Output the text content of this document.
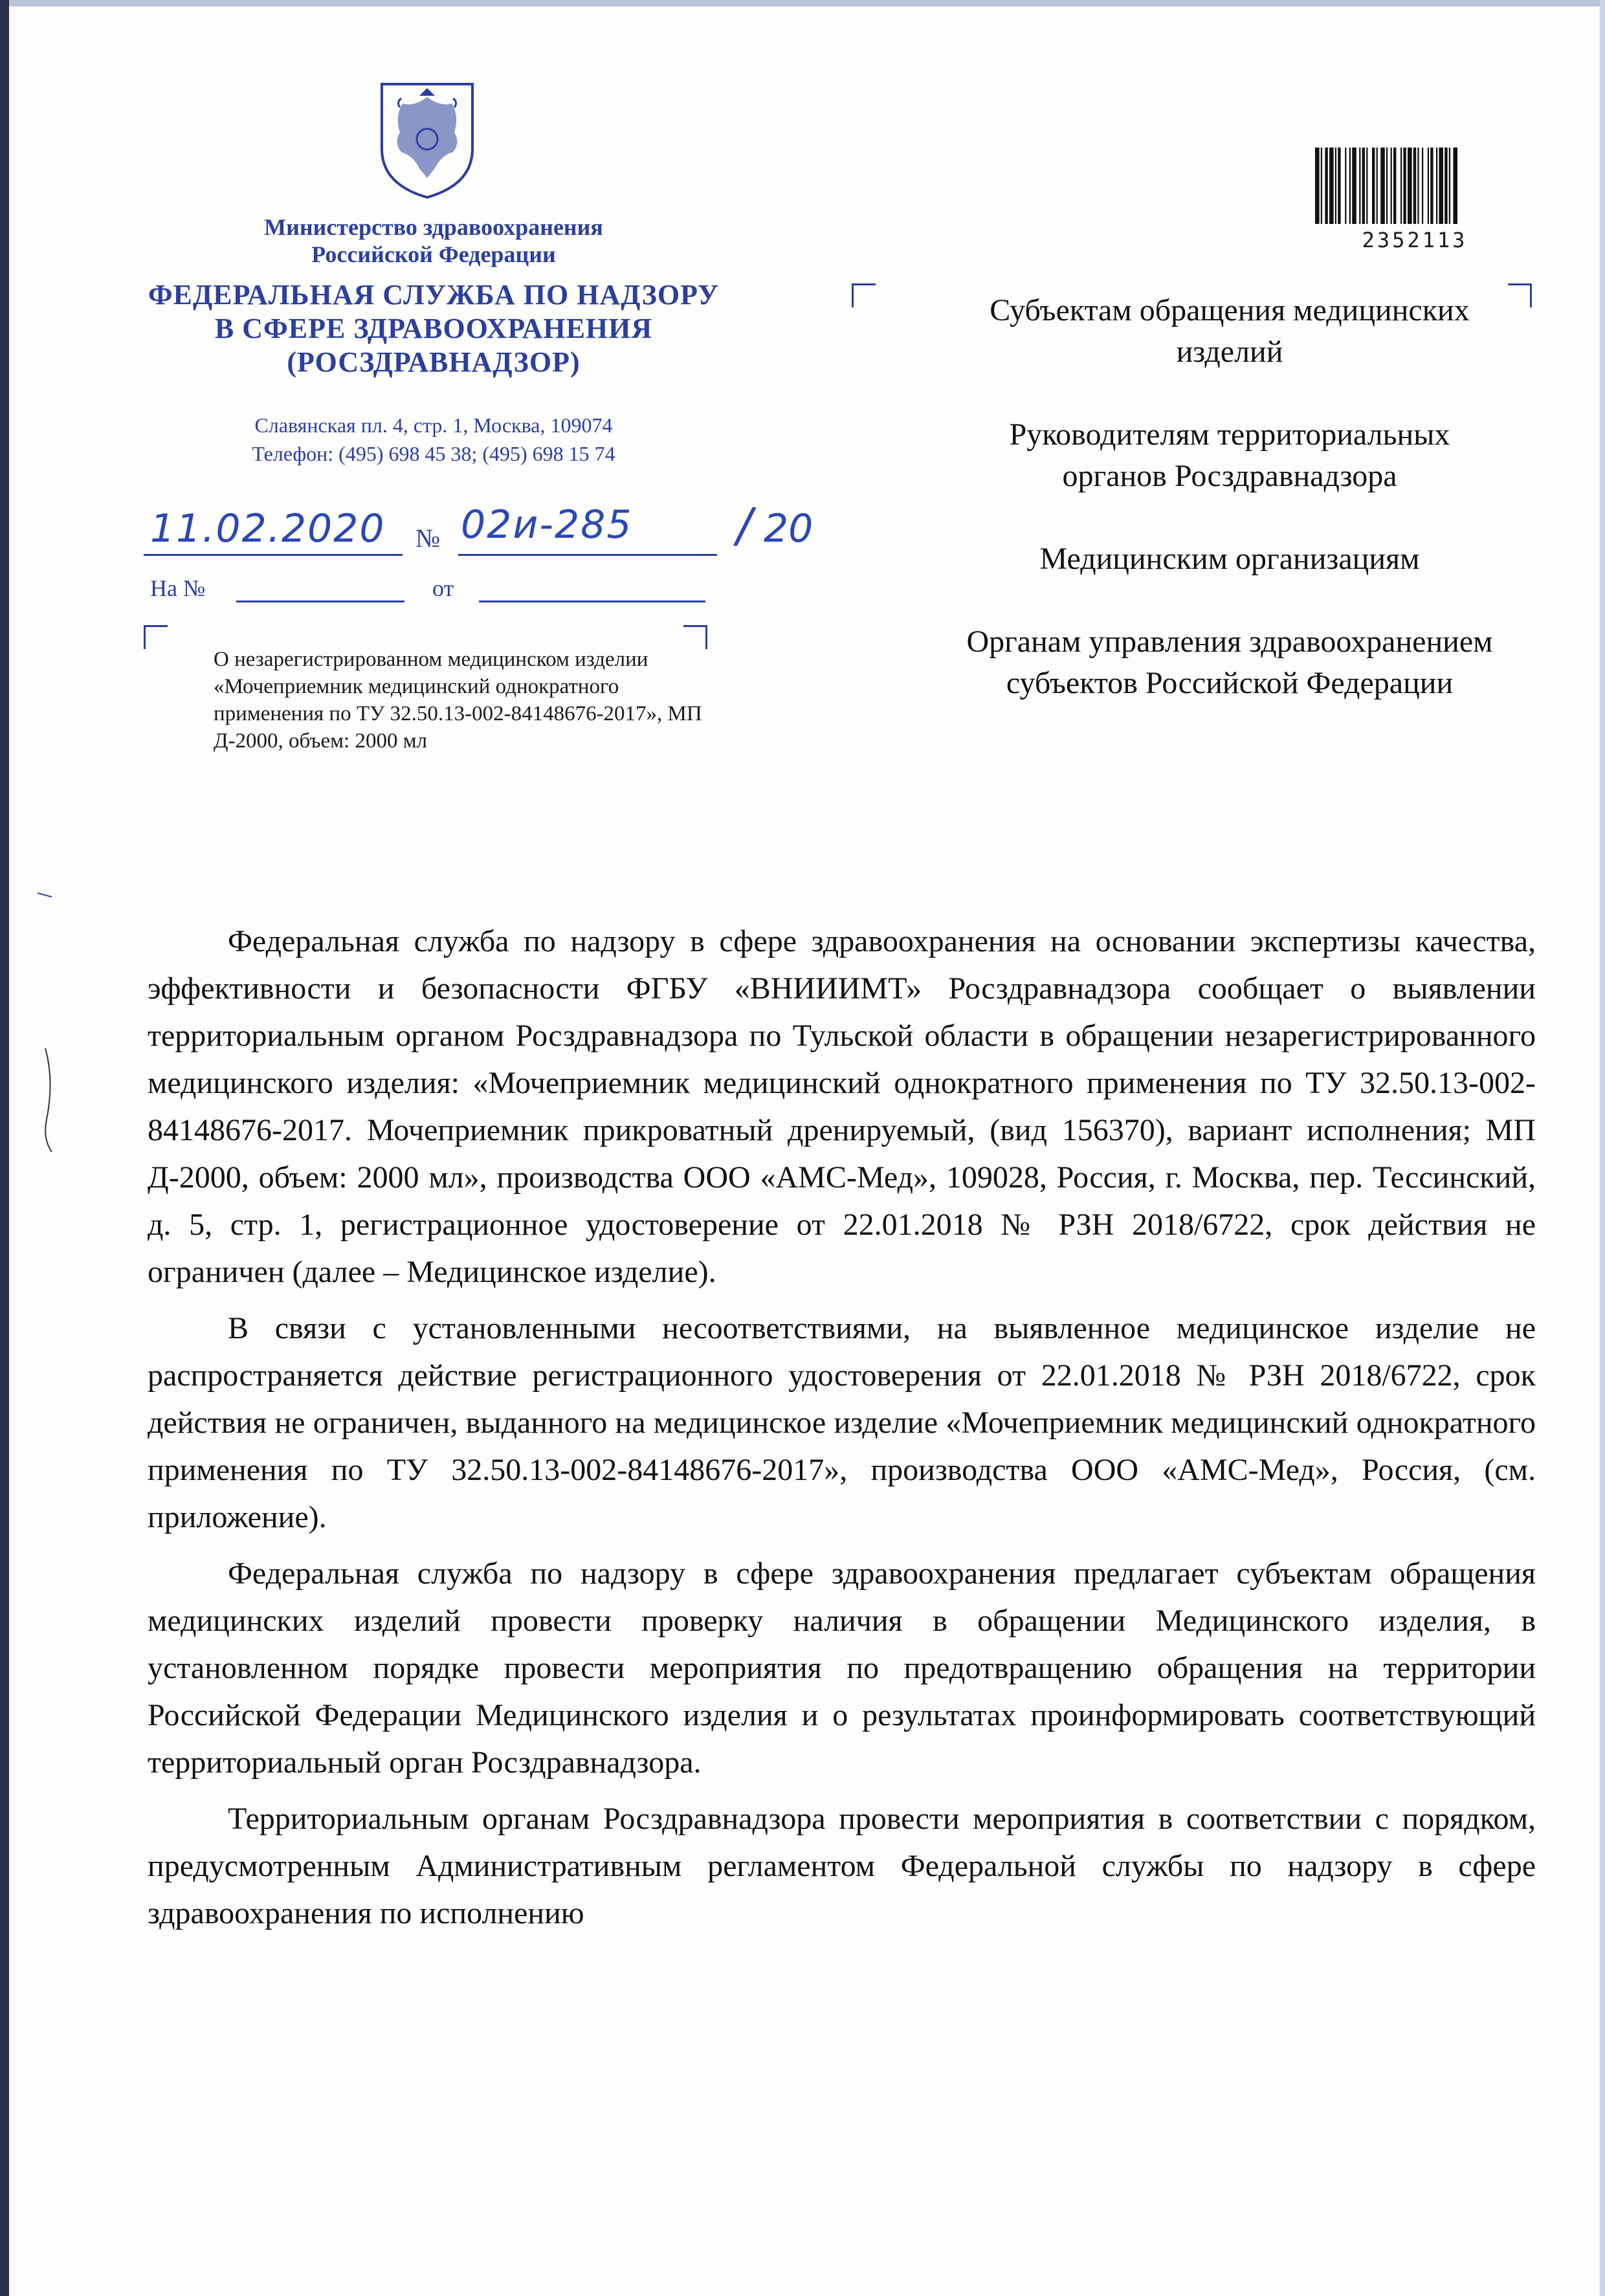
Министерство здравоохранения
Российской Федерации
ФЕДЕРАЛЬНАЯ СЛУЖБА ПО НАДЗОРУ
В СФЕРЕ ЗДРАВООХРАНЕНИЯ
(РОСЗДРАВНАДЗОР)
Славянская пл. 4, стр. 1, Москва, 109074
Телефон: (495) 698 45 38; (495) 698 15 74
11.02.2020 № 02и-285 / 20
На №	от
О незарегистрированном медицинском изделии «Мочеприемник медицинский однократного применения по ТУ 32.50.13-002-84148676-2017», МП Д-2000, объем: 2000 мл
2352113

Субъектам обращения медицинских изделий

Руководителям территориальных органов Росздравнадзора

Медицинским организациям

Органам управления здравоохранением субъектов Российской Федерации

Федеральная служба по надзору в сфере здравоохранения на основании экспертизы качества, эффективности и безопасности ФГБУ «ВНИИИМТ» Росздравнадзора сообщает о выявлении территориальным органом Росздравнадзора по Тульской области в обращении незарегистрированного медицинского изделия: «Мочеприемник медицинский однократного применения по ТУ 32.50.13-002-84148676-2017. Мочеприемник прикроватный дренируемый, (вид 156370), вариант исполнения; МП Д-2000, объем: 2000 мл», производства ООО «АМС-Мед», 109028, Россия, г. Москва, пер. Тессинский, д. 5, стр. 1, регистрационное удостоверение от 22.01.2018 № РЗН 2018/6722, срок действия не ограничен (далее – Медицинское изделие).

В связи с установленными несоответствиями, на выявленное медицинское изделие не распространяется действие регистрационного удостоверения от 22.01.2018 № РЗН 2018/6722, срок действия не ограничен, выданного на медицинское изделие «Мочеприемник медицинский однократного применения по ТУ 32.50.13-002-84148676-2017», производства ООО «АМС-Мед», Россия, (см. приложение).

Федеральная служба по надзору в сфере здравоохранения предлагает субъектам обращения медицинских изделий провести проверку наличия в обращении Медицинского изделия, в установленном порядке провести мероприятия по предотвращению обращения на территории Российской Федерации Медицинского изделия и о результатах проинформировать соответствующий территориальный орган Росздравнадзора.

Территориальным органам Росздравнадзора провести мероприятия в соответствии с порядком, предусмотренным Административным регламентом Федеральной службы по надзору в сфере здравоохранения по исполнению
